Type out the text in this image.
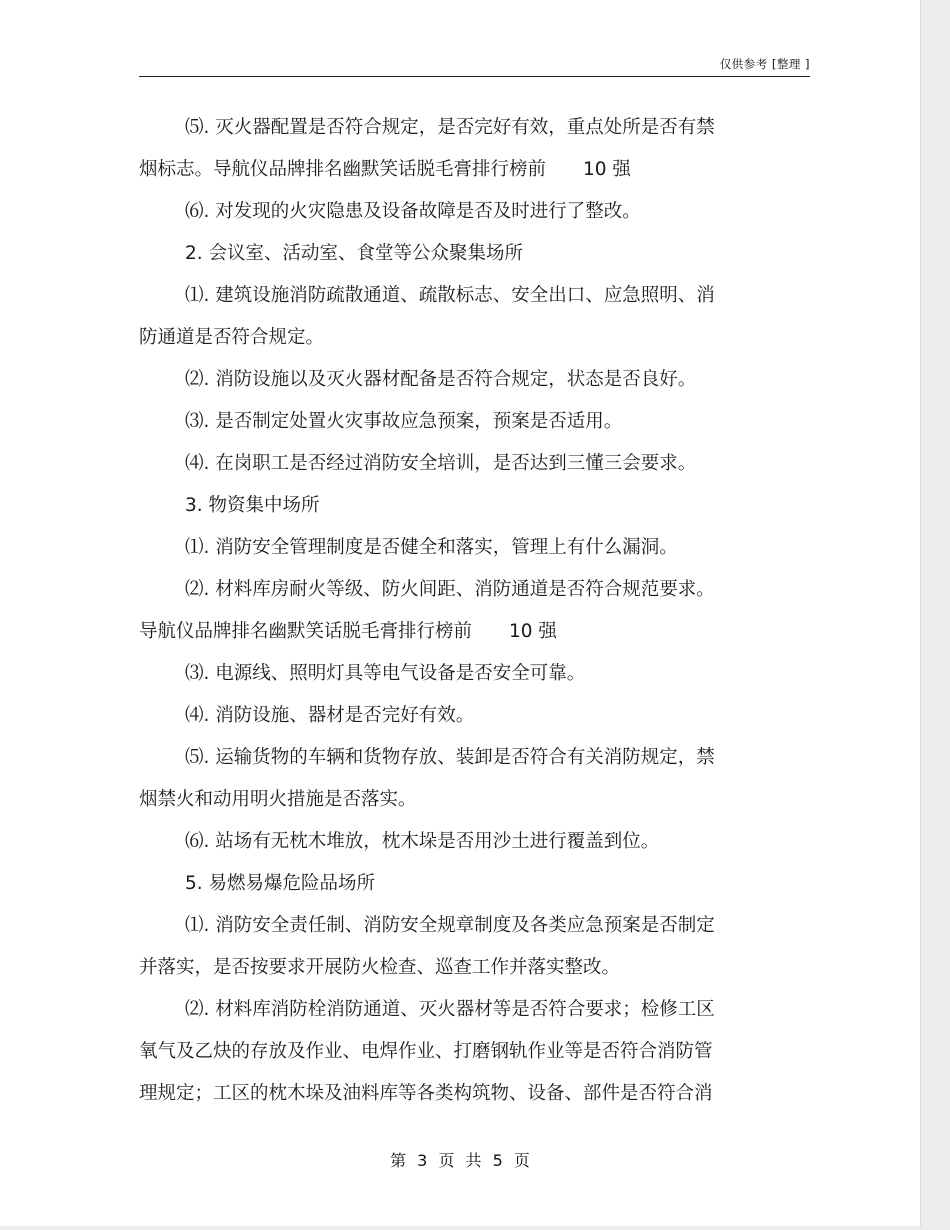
仅供参考 [整理 ]

⑸. 灭火器配置是否符合规定，是否完好有效，重点处所是否有禁

烟标志。导航仪品牌排名幽默笑话脱毛膏排行榜前　　10 强

⑹. 对发现的火灾隐患及设备故障是否及时进行了整改。

2. 会议室、活动室、食堂等公众聚集场所

⑴. 建筑设施消防疏散通道、疏散标志、安全出口、应急照明、消

防通道是否符合规定。

⑵. 消防设施以及灭火器材配备是否符合规定，状态是否良好。

⑶. 是否制定处置火灾事故应急预案，预案是否适用。

⑷. 在岗职工是否经过消防安全培训，是否达到三懂三会要求。

3. 物资集中场所

⑴. 消防安全管理制度是否健全和落实，管理上有什么漏洞。

⑵. 材料库房耐火等级、防火间距、消防通道是否符合规范要求。

导航仪品牌排名幽默笑话脱毛膏排行榜前　　10 强

⑶. 电源线、照明灯具等电气设备是否安全可靠。

⑷. 消防设施、器材是否完好有效。

⑸. 运输货物的车辆和货物存放、装卸是否符合有关消防规定，禁

烟禁火和动用明火措施是否落实。

⑹. 站场有无枕木堆放，枕木垛是否用沙土进行覆盖到位。

5. 易燃易爆危险品场所

⑴. 消防安全责任制、消防安全规章制度及各类应急预案是否制定

并落实，是否按要求开展防火检查、巡查工作并落实整改。

⑵. 材料库消防栓消防通道、灭火器材等是否符合要求；检修工区

氧气及乙炔的存放及作业、电焊作业、打磨钢轨作业等是否符合消防管

理规定；工区的枕木垛及油料库等各类构筑物、设备、部件是否符合消

第 3 页 共 5 页
